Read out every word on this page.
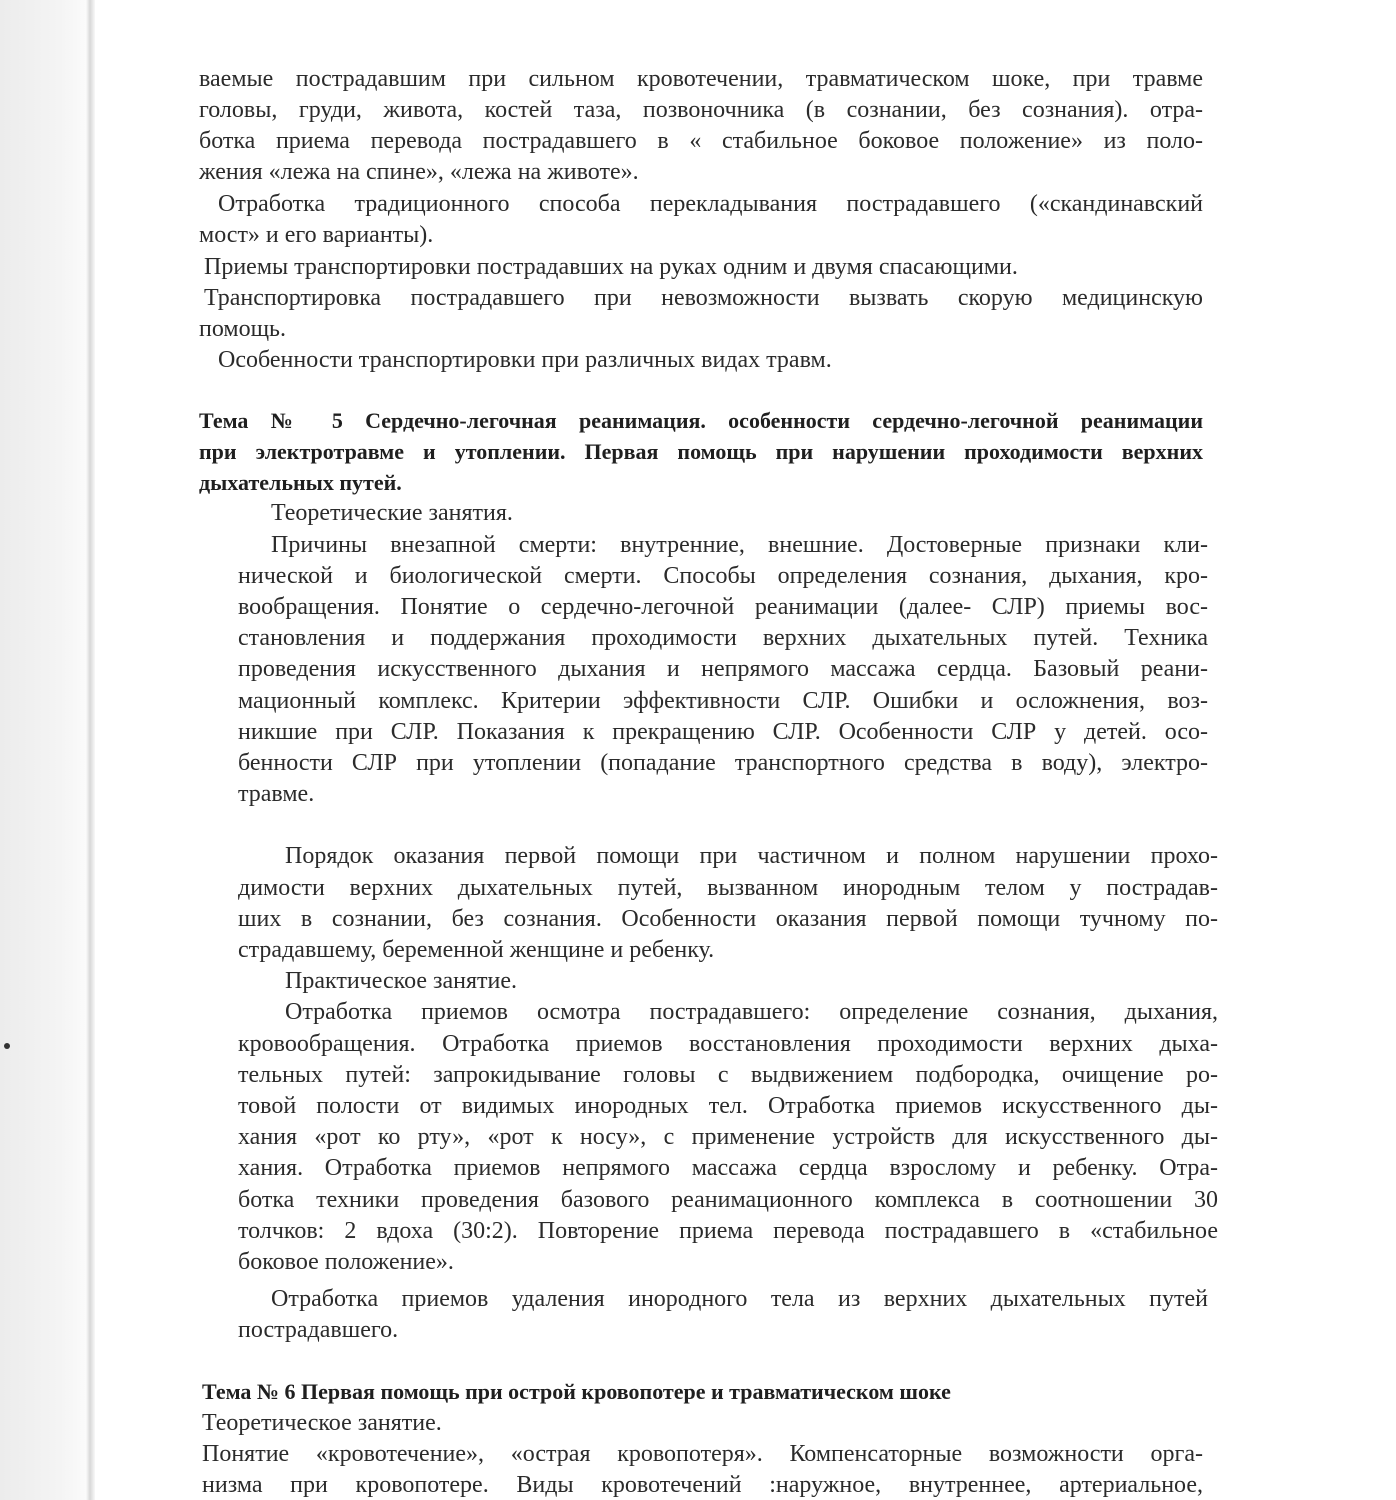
ваемые пострадавшим при сильном кровотечении, травматическом шоке, при травме
головы, груди, живота, костей таза, позвоночника (в сознании, без сознания). отра-
ботка приема перевода пострадавшего в « стабильное боковое положение» из поло-
жения «лежа на спине», «лежа на животе».
Отработка традиционного способа перекладывания пострадавшего («скандинавский
мост» и его варианты).
Приемы транспортировки пострадавших на руках одним и двумя спасающими.
Транспортировка пострадавшего при невозможности вызвать скорую медицинскую
помощь.
Особенности транспортировки при различных видах травм.
Тема № 5 Сердечно-легочная реанимация. особенности сердечно-легочной реанимации
при электротравме и утоплении. Первая помощь при нарушении проходимости верхних
дыхательных путей.
Теоретические занятия.
Причины внезапной смерти: внутренние, внешние. Достоверные признаки кли-
нической и биологической смерти. Способы определения сознания, дыхания, кро-
вообращения. Понятие о сердечно-легочной реанимации (далее- СЛР) приемы вос-
становления и поддержания проходимости верхних дыхательных путей. Техника
проведения искусственного дыхания и непрямого массажа сердца. Базовый реани-
мационный комплекс. Критерии эффективности СЛР. Ошибки и осложнения, воз-
никшие при СЛР. Показания к прекращению СЛР. Особенности СЛР у детей. осо-
бенности СЛР при утоплении (попадание транспортного средства в воду), электро-
травме.
Порядок оказания первой помощи при частичном и полном нарушении прохо-
димости верхних дыхательных путей, вызванном инородным телом у пострадав-
ших в сознании, без сознания. Особенности оказания первой помощи тучному по-
страдавшему, беременной женщине и ребенку.
Практическое занятие.
Отработка приемов осмотра пострадавшего: определение сознания, дыхания,
кровообращения. Отработка приемов восстановления проходимости верхних дыха-
тельных путей: запрокидывание головы с выдвижением подбородка, очищение ро-
товой полости от видимых инородных тел. Отработка приемов искусственного ды-
хания «рот ко рту», «рот к носу», с применение устройств для искусственного ды-
хания. Отработка приемов непрямого массажа сердца взрослому и ребенку. Отра-
ботка техники проведения базового реанимационного комплекса в соотношении 30
толчков: 2 вдоха (30:2). Повторение приема перевода пострадавшего в «стабильное
боковое положение».
Отработка приемов удаления инородного тела из верхних дыхательных путей
пострадавшего.
Тема № 6 Первая помощь при острой кровопотере и травматическом шоке
Теоретическое занятие.
Понятие «кровотечение», «острая кровопотеря». Компенсаторные возможности орга-
низма при кровопотере. Виды кровотечений :наружное, внутреннее, артериальное,
